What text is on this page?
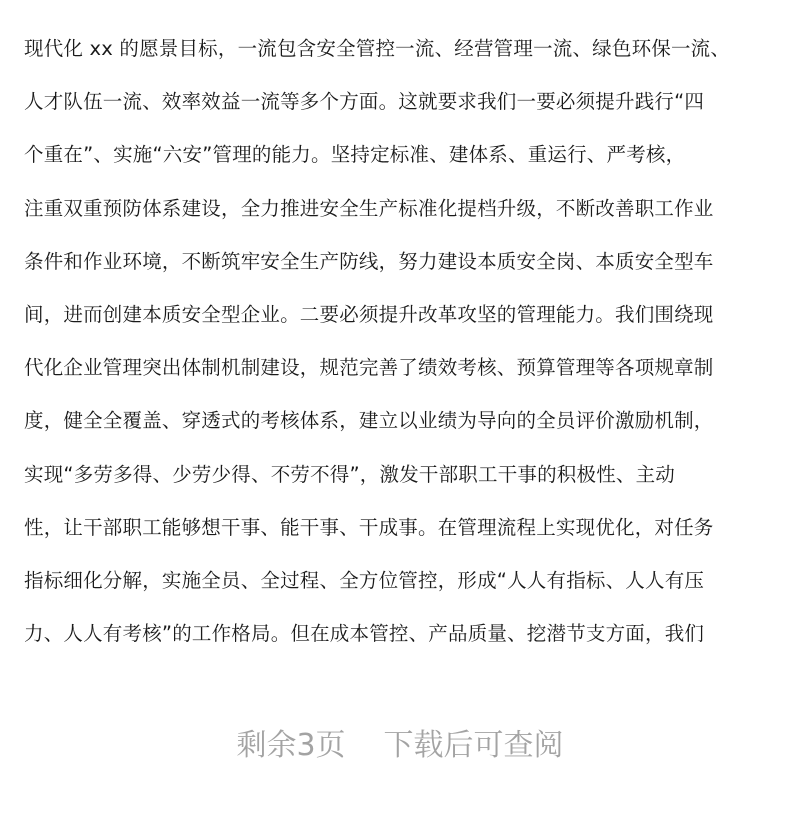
现代化 xx 的愿景目标，一流包含安全管控一流、经营管理一流、绿色环保一流、
人才队伍一流、效率效益一流等多个方面。这就要求我们一要必须提升践行“四
个重在”、实施“六安”管理的能力。坚持定标准、建体系、重运行、严考核，
注重双重预防体系建设，全力推进安全生产标准化提档升级，不断改善职工作业
条件和作业环境，不断筑牢安全生产防线，努力建设本质安全岗、本质安全型车
间，进而创建本质安全型企业。二要必须提升改革攻坚的管理能力。我们围绕现
代化企业管理突出体制机制建设，规范完善了绩效考核、预算管理等各项规章制
度，健全全覆盖、穿透式的考核体系，建立以业绩为导向的全员评价激励机制，
实现“多劳多得、少劳少得、不劳不得”，激发干部职工干事的积极性、主动
性，让干部职工能够想干事、能干事、干成事。在管理流程上实现优化，对任务
指标细化分解，实施全员、全过程、全方位管控，形成“人人有指标、人人有压
力、人人有考核”的工作格局。但在成本管控、产品质量、挖潜节支方面，我们
剩余3页 下载后可查阅
